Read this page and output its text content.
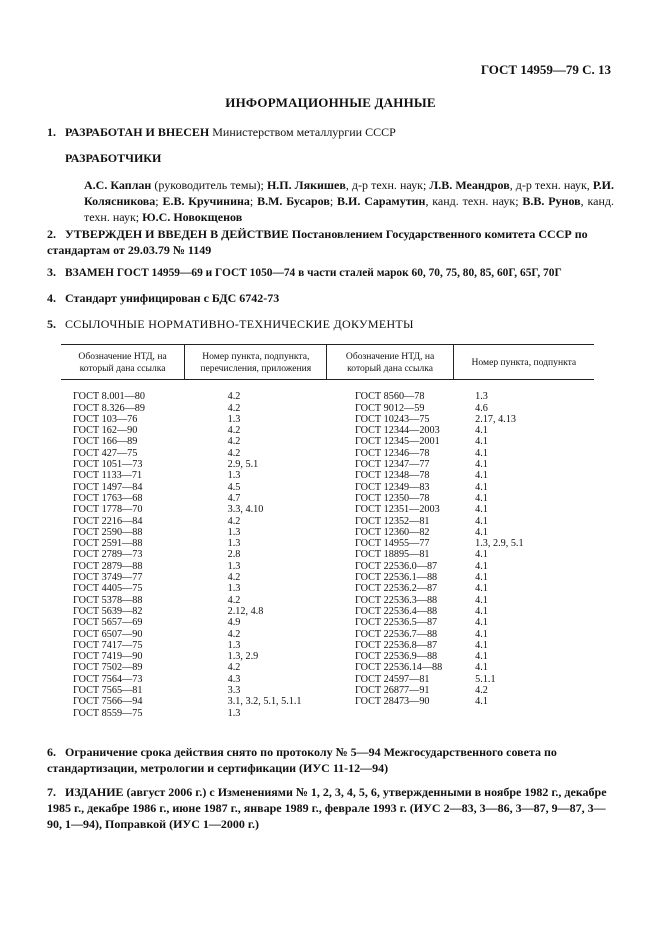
ГОСТ 14959—79 С. 13
ИНФОРМАЦИОННЫЕ ДАННЫЕ
1. РАЗРАБОТАН И ВНЕСЕН Министерством металлургии СССР
РАЗРАБОТЧИКИ
А.С. Каплан (руководитель темы); Н.П. Лякишев, д-р техн. наук; Л.В. Меандров, д-р техн. наук, Р.И. Колясникова; Е.В. Кручинина; В.М. Бусаров; В.И. Сарамутин, канд. техн. наук; В.В. Рунов, канд. техн. наук; Ю.С. Новокщенов
2. УТВЕРЖДЕН И ВВЕДЕН В ДЕЙСТВИЕ Постановлением Государственного комитета СССР по стандартам от 29.03.79 № 1149
3. ВЗАМЕН ГОСТ 14959—69 и ГОСТ 1050—74 в части сталей марок 60, 70, 75, 80, 85, 60Г, 65Г, 70Г
4. Стандарт унифицирован с БДС 6742-73
5. ССЫЛОЧНЫЕ НОРМАТИВНО-ТЕХНИЧЕСКИЕ ДОКУМЕНТЫ
Обозначение НТД, на который дана ссылка	Номер пункта, подпункта, перечисления, приложения	Обозначение НТД, на который дана ссылка	Номер пункта, подпункта

ГОСТ 8.001—80	4.2	ГОСТ 8560—78	1.3
ГОСТ 8.326—89	4.2	ГОСТ 9012—59	4.6
ГОСТ 103—76	1.3	ГОСТ 10243—75	2.17, 4.13
ГОСТ 162—90	4.2	ГОСТ 12344—2003	4.1
ГОСТ 166—89	4.2	ГОСТ 12345—2001	4.1
ГОСТ 427—75	4.2	ГОСТ 12346—78	4.1
ГОСТ 1051—73	2.9, 5.1	ГОСТ 12347—77	4.1
ГОСТ 1133—71	1.3	ГОСТ 12348—78	4.1
ГОСТ 1497—84	4.5	ГОСТ 12349—83	4.1
ГОСТ 1763—68	4.7	ГОСТ 12350—78	4.1
ГОСТ 1778—70	3.3, 4.10	ГОСТ 12351—2003	4.1
ГОСТ 2216—84	4.2	ГОСТ 12352—81	4.1
ГОСТ 2590—88	1.3	ГОСТ 12360—82	4.1
ГОСТ 2591—88	1.3	ГОСТ 14955—77	1.3, 2.9, 5.1
ГОСТ 2789—73	2.8	ГОСТ 18895—81	4.1
ГОСТ 2879—88	1.3	ГОСТ 22536.0—87	4.1
ГОСТ 3749—77	4.2	ГОСТ 22536.1—88	4.1
ГОСТ 4405—75	1.3	ГОСТ 22536.2—87	4.1
ГОСТ 5378—88	4.2	ГОСТ 22536.3—88	4.1
ГОСТ 5639—82	2.12, 4.8	ГОСТ 22536.4—88	4.1
ГОСТ 5657—69	4.9	ГОСТ 22536.5—87	4.1
ГОСТ 6507—90	4.2	ГОСТ 22536.7—88	4.1
ГОСТ 7417—75	1.3	ГОСТ 22536.8—87	4.1
ГОСТ 7419—90	1.3, 2.9	ГОСТ 22536.9—88	4.1
ГОСТ 7502—89	4.2	ГОСТ 22536.14—88	4.1
ГОСТ 7564—73	4.3	ГОСТ 24597—81	5.1.1
ГОСТ 7565—81	3.3	ГОСТ 26877—91	4.2
ГОСТ 7566—94	3.1, 3.2, 5.1, 5.1.1	ГОСТ 28473—90	4.1
ГОСТ 8559—75	1.3		
6. Ограничение срока действия снято по протоколу № 5—94 Межгосударственного совета по стандартизации, метрологии и сертификации (ИУС 11-12—94)
7. ИЗДАНИЕ (август 2006 г.) с Изменениями № 1, 2, 3, 4, 5, 6, утвержденными в ноябре 1982 г., декабре 1985 г., декабре 1986 г., июне 1987 г., январе 1989 г., феврале 1993 г. (ИУС 2—83, 3—86, 3—87, 9—87, 3—90, 1—94), Поправкой (ИУС 1—2000 г.)
